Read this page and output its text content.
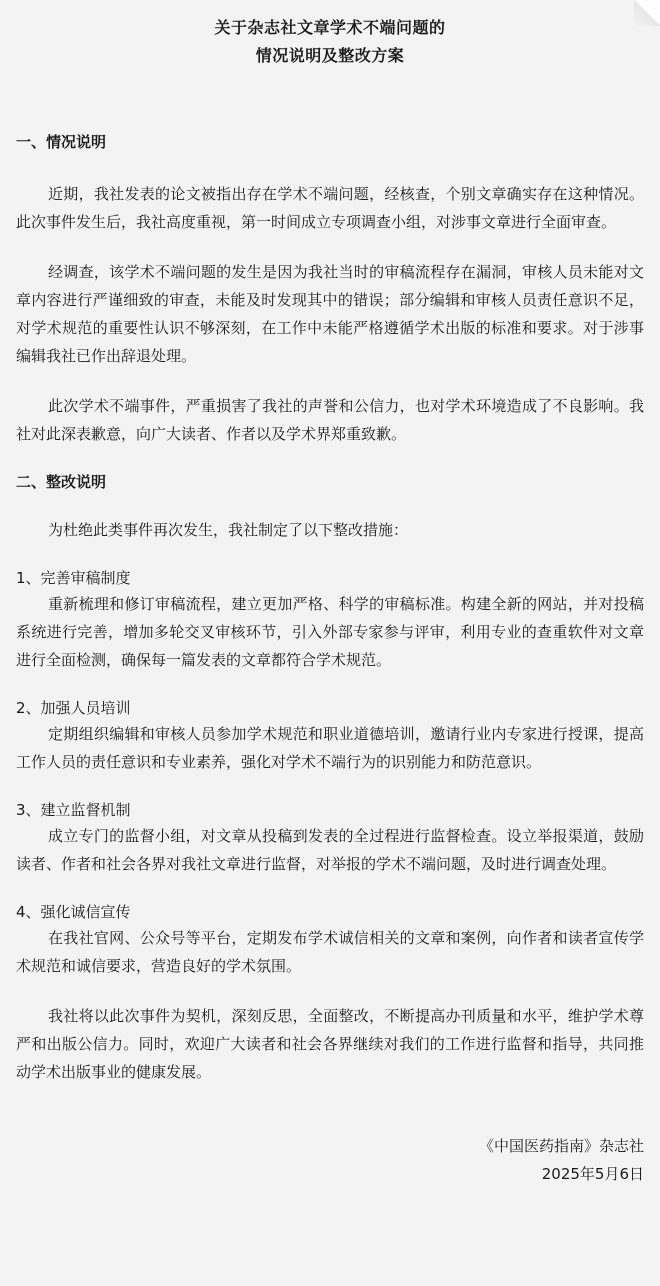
关于杂志社文章学术不端问题的
情况说明及整改方案
一、情况说明

近期，我社发表的论文被指出存在学术不端问题，经核查，个别文章确实存在这种情况。此次事件发生后，我社高度重视，第一时间成立专项调查小组，对涉事文章进行全面审查。

经调查，该学术不端问题的发生是因为我社当时的审稿流程存在漏洞，审核人员未能对文章内容进行严谨细致的审查，未能及时发现其中的错误；部分编辑和审核人员责任意识不足，对学术规范的重要性认识不够深刻，在工作中未能严格遵循学术出版的标准和要求。对于涉事编辑我社已作出辞退处理。

此次学术不端事件，严重损害了我社的声誉和公信力，也对学术环境造成了不良影响。我社对此深表歉意，向广大读者、作者以及学术界郑重致歉。

二、整改说明

为杜绝此类事件再次发生，我社制定了以下整改措施：

1、完善审稿制度

重新梳理和修订审稿流程，建立更加严格、科学的审稿标准。构建全新的网站，并对投稿系统进行完善，增加多轮交叉审核环节，引入外部专家参与评审，利用专业的查重软件对文章进行全面检测，确保每一篇发表的文章都符合学术规范。

2、加强人员培训

定期组织编辑和审核人员参加学术规范和职业道德培训，邀请行业内专家进行授课，提高工作人员的责任意识和专业素养，强化对学术不端行为的识别能力和防范意识。

3、建立监督机制

成立专门的监督小组，对文章从投稿到发表的全过程进行监督检查。设立举报渠道，鼓励读者、作者和社会各界对我社文章进行监督，对举报的学术不端问题，及时进行调查处理。

4、强化诚信宣传

在我社官网、公众号等平台，定期发布学术诚信相关的文章和案例，向作者和读者宣传学术规范和诚信要求，营造良好的学术氛围。

我社将以此次事件为契机，深刻反思，全面整改，不断提高办刊质量和水平，维护学术尊严和出版公信力。同时，欢迎广大读者和社会各界继续对我们的工作进行监督和指导，共同推动学术出版事业的健康发展。

《中国医药指南》杂志社
2025年5月6日
